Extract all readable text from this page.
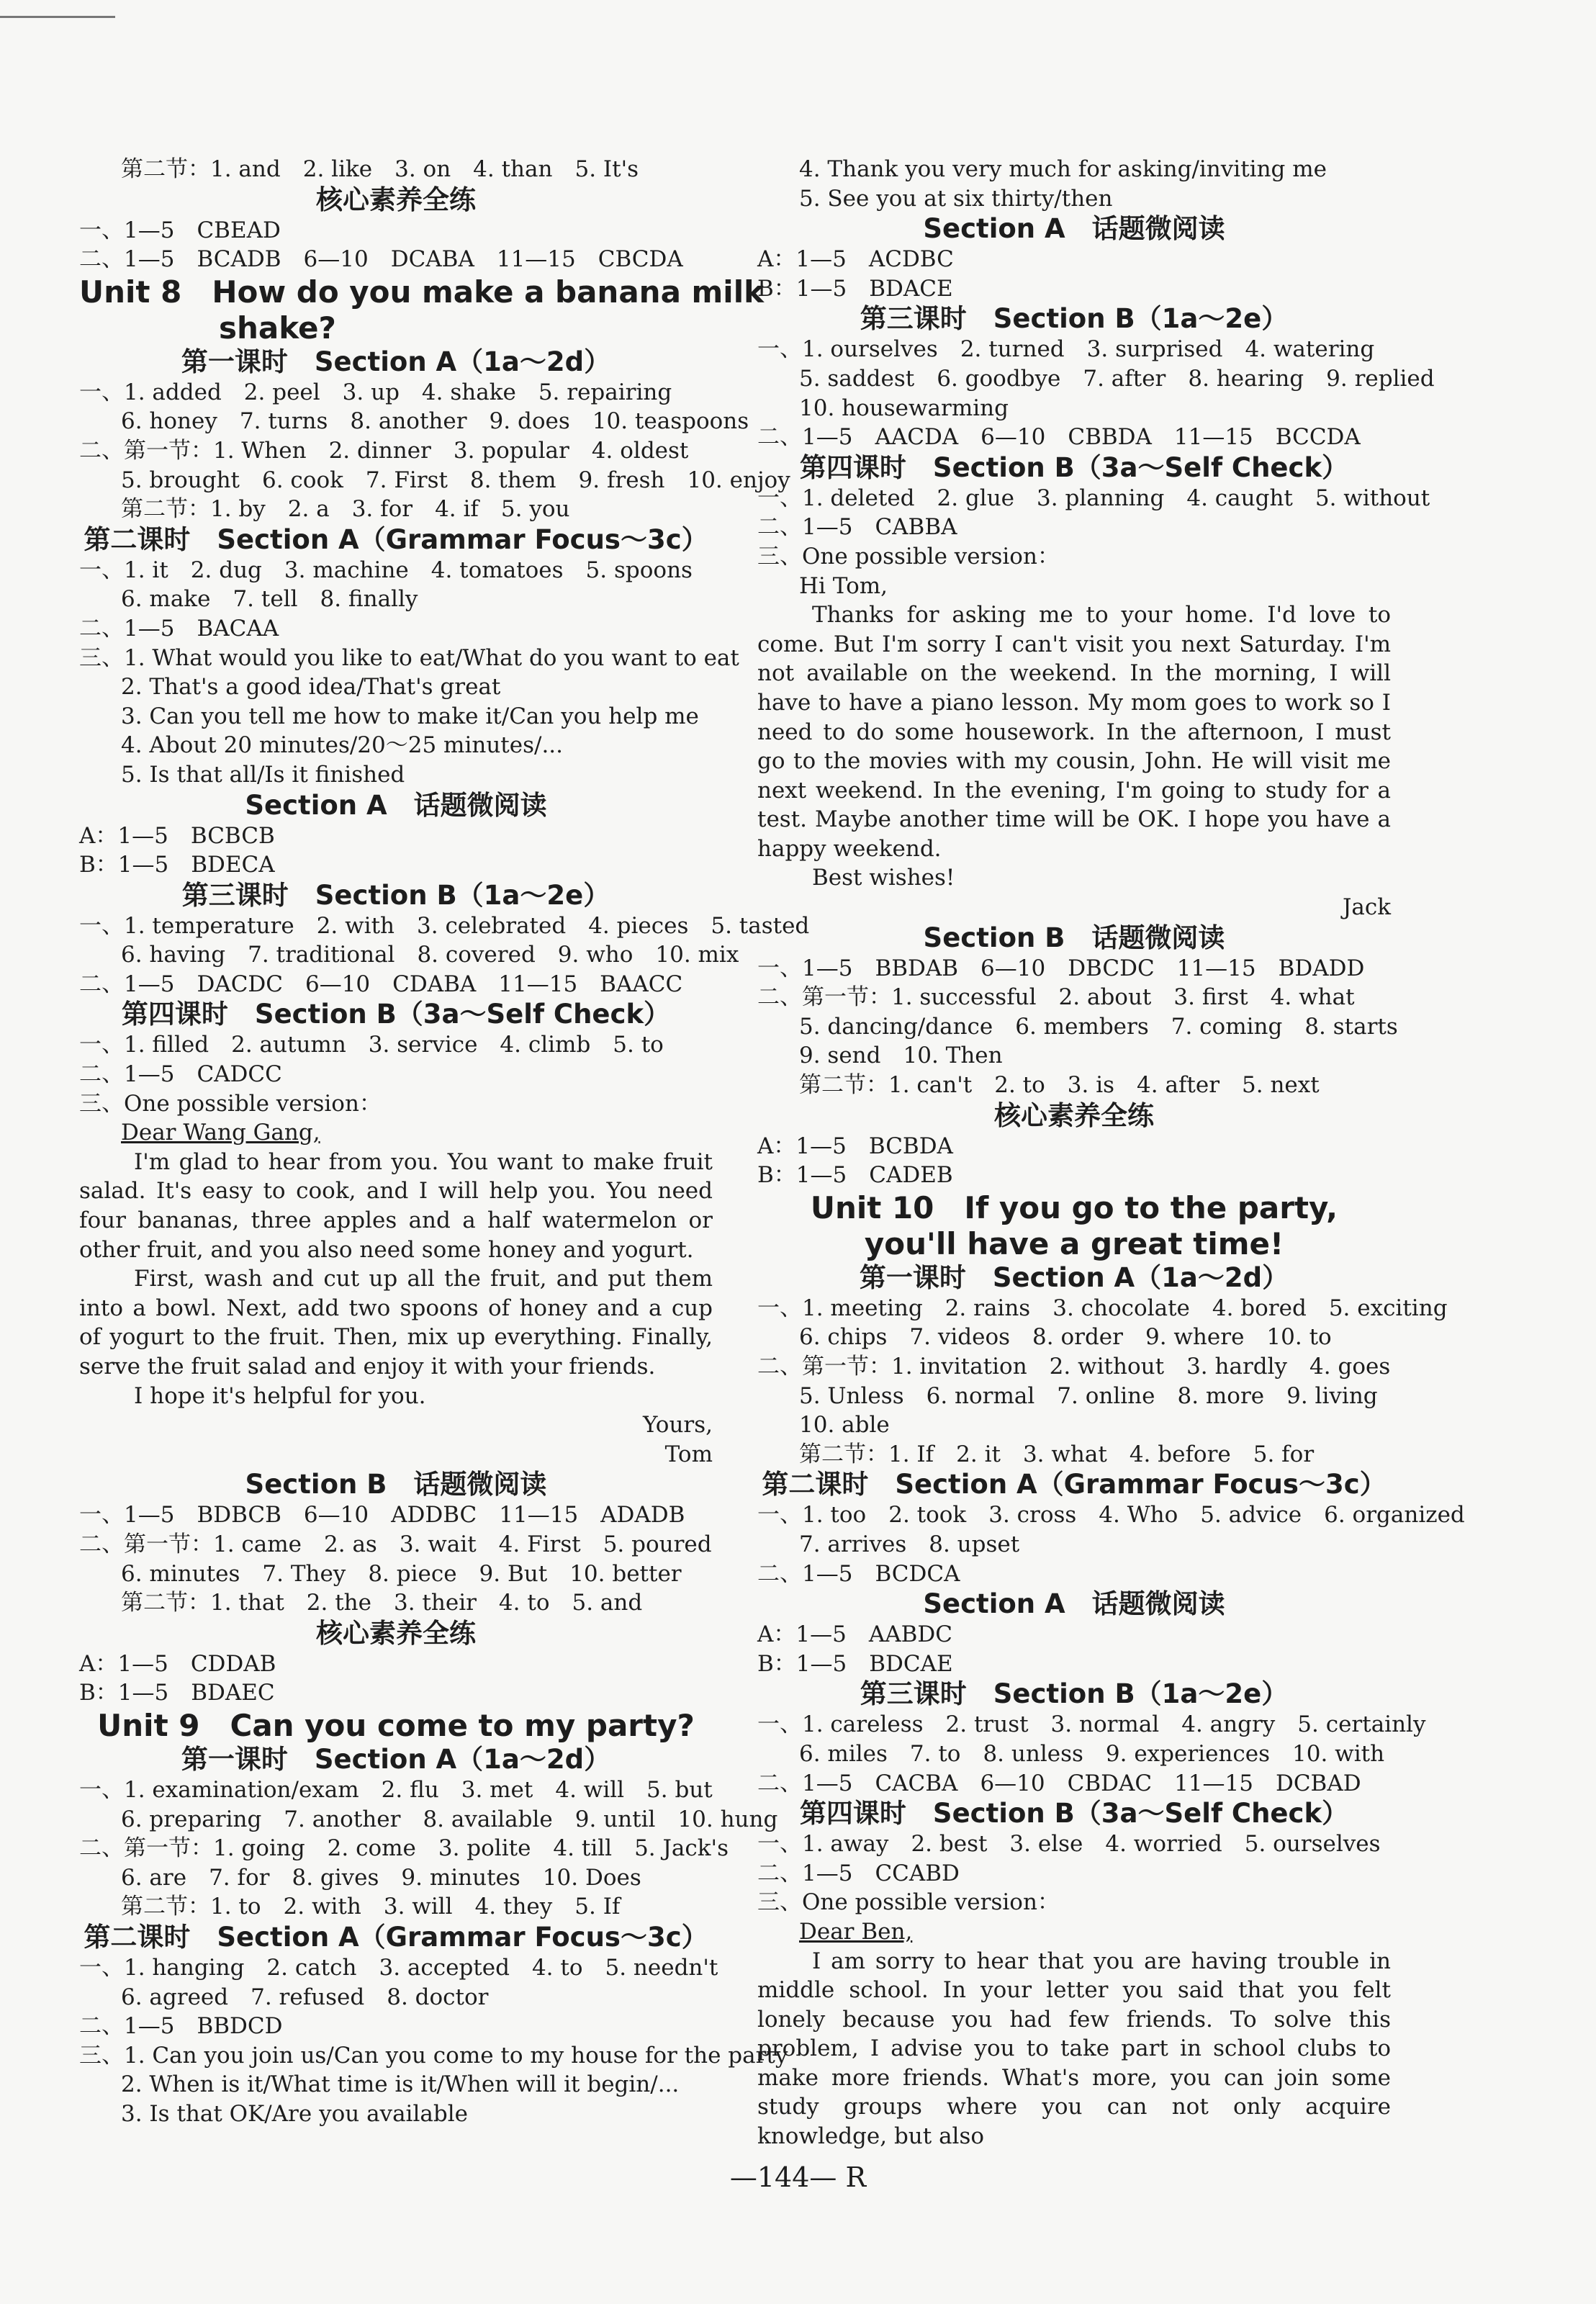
第二节：1. and　2. like　3. on　4. than　5. It's
核心素养全练
一、1—5　CBEAD
二、1—5　BCADB　6—10　DCABA　11—15　CBCDA
Unit 8　How do you make a banana milk
shake?
第一课时　Section A（1a～2d）
一、1. added　2. peel　3. up　4. shake　5. repairing
6. honey　7. turns　8. another　9. does　10. teaspoons
二、第一节：1. When　2. dinner　3. popular　4. oldest
5. brought　6. cook　7. First　8. them　9. fresh　10. enjoy
第二节：1. by　2. a　3. for　4. if　5. you
第二课时　Section A（Grammar Focus～3c）
一、1. it　2. dug　3. machine　4. tomatoes　5. spoons
6. make　7. tell　8. finally
二、1—5　BACAA
三、1. What would you like to eat/What do you want to eat
2. That's a good idea/That's great
3. Can you tell me how to make it/Can you help me
4. About 20 minutes/20～25 minutes/...
5. Is that all/Is it finished
Section A　话题微阅读
A：1—5　BCBCB
B：1—5　BDECA
第三课时　Section B（1a～2e）
一、1. temperature　2. with　3. celebrated　4. pieces　5. tasted
6. having　7. traditional　8. covered　9. who　10. mix
二、1—5　DACDC　6—10　CDABA　11—15　BAACC
第四课时　Section B（3a～Self Check）
一、1. filled　2. autumn　3. service　4. climb　5. to
二、1—5　CADCC
三、One possible version：
Dear Wang Gang,
I'm glad to hear from you. You want to make fruit salad. It's easy to cook, and I will help you. You need four bananas, three apples and a half watermelon or other fruit, and you also need some honey and yogurt.
First, wash and cut up all the fruit, and put them into a bowl. Next, add two spoons of honey and a cup of yogurt to the fruit. Then, mix up everything. Finally, serve the fruit salad and enjoy it with your friends.
I hope it's helpful for you.
Yours,
Tom
Section B　话题微阅读
一、1—5　BDBCB　6—10　ADDBC　11—15　ADADB
二、第一节：1. came　2. as　3. wait　4. First　5. poured
6. minutes　7. They　8. piece　9. But　10. better
第二节：1. that　2. the　3. their　4. to　5. and
核心素养全练
A：1—5　CDDAB
B：1—5　BDAEC
Unit 9　Can you come to my party?
第一课时　Section A（1a～2d）
一、1. examination/exam　2. flu　3. met　4. will　5. but
6. preparing　7. another　8. available　9. until　10. hung
二、第一节：1. going　2. come　3. polite　4. till　5. Jack's
6. are　7. for　8. gives　9. minutes　10. Does
第二节：1. to　2. with　3. will　4. they　5. If
第二课时　Section A（Grammar Focus～3c）
一、1. hanging　2. catch　3. accepted　4. to　5. needn't
6. agreed　7. refused　8. doctor
二、1—5　BBDCD
三、1. Can you join us/Can you come to my house for the party
2. When is it/What time is it/When will it begin/...
3. Is that OK/Are you available
4. Thank you very much for asking/inviting me
5. See you at six thirty/then
Section A　话题微阅读
A：1—5　ACDBC
B：1—5　BDACE
第三课时　Section B（1a～2e）
一、1. ourselves　2. turned　3. surprised　4. watering
5. saddest　6. goodbye　7. after　8. hearing　9. replied
10. housewarming
二、1—5　AACDA　6—10　CBBDA　11—15　BCCDA
第四课时　Section B（3a～Self Check）
一、1. deleted　2. glue　3. planning　4. caught　5. without
二、1—5　CABBA
三、One possible version：
Hi Tom,
Thanks for asking me to your home. I'd love to come. But I'm sorry I can't visit you next Saturday. I'm not available on the weekend. In the morning, I will have to have a piano lesson. My mom goes to work so I need to do some housework. In the afternoon, I must go to the movies with my cousin, John. He will visit me next weekend. In the evening, I'm going to study for a test. Maybe another time will be OK. I hope you have a happy weekend.
Best wishes!
Jack
Section B　话题微阅读
一、1—5　BBDAB　6—10　DBCDC　11—15　BDADD
二、第一节：1. successful　2. about　3. first　4. what
5. dancing/dance　6. members　7. coming　8. starts
9. send　10. Then
第二节：1. can't　2. to　3. is　4. after　5. next
核心素养全练
A：1—5　BCBDA
B：1—5　CADEB
Unit 10　If you go to the party,
you'll have a great time!
第一课时　Section A（1a～2d）
一、1. meeting　2. rains　3. chocolate　4. bored　5. exciting
6. chips　7. videos　8. order　9. where　10. to
二、第一节：1. invitation　2. without　3. hardly　4. goes
5. Unless　6. normal　7. online　8. more　9. living
10. able
第二节：1. If　2. it　3. what　4. before　5. for
第二课时　Section A（Grammar Focus～3c）
一、1. too　2. took　3. cross　4. Who　5. advice　6. organized
7. arrives　8. upset
二、1—5　BCDCA
Section A　话题微阅读
A：1—5　AABDC
B：1—5　BDCAE
第三课时　Section B（1a～2e）
一、1. careless　2. trust　3. normal　4. angry　5. certainly
6. miles　7. to　8. unless　9. experiences　10. with
二、1—5　CACBA　6—10　CBDAC　11—15　DCBAD
第四课时　Section B（3a～Self Check）
一、1. away　2. best　3. else　4. worried　5. ourselves
二、1—5　CCABD
三、One possible version：
Dear Ben,
I am sorry to hear that you are having trouble in middle school. In your letter you said that you felt lonely because you had few friends. To solve this problem, I advise you to take part in school clubs to make more friends. What's more, you can join some study groups where you can not only acquire knowledge, but also
—144— R
